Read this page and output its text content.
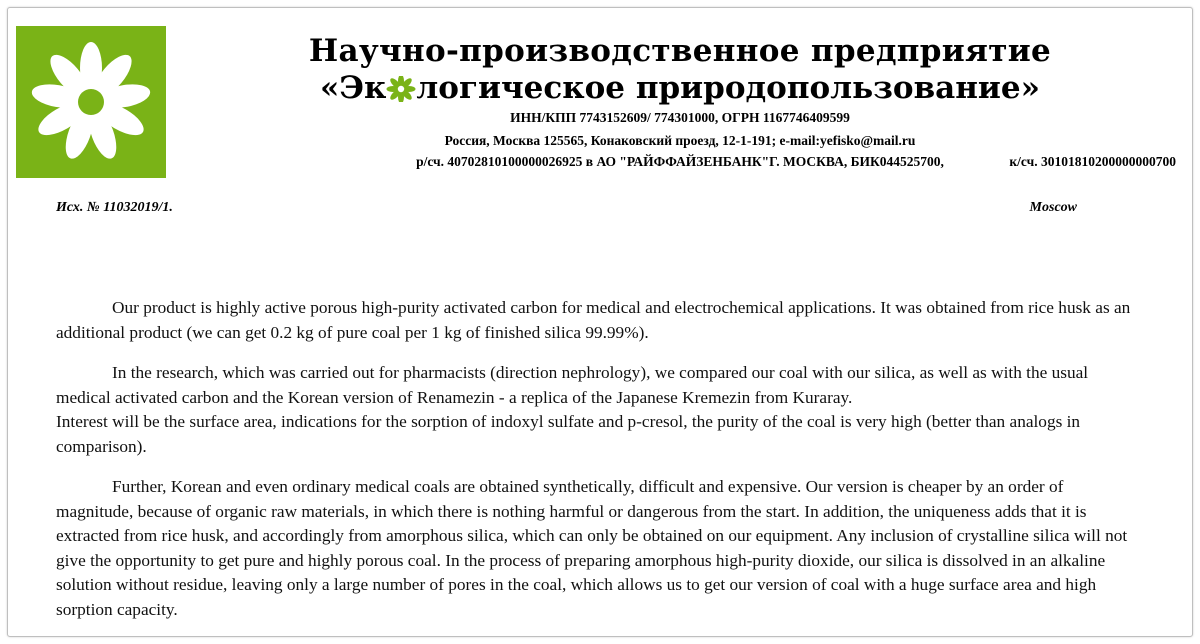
Научно-производственное предприятие
«Эк логическое природопользование»
ИНН/КПП 7743152609/ 774301000, ОГРН 1167746409599
Россия, Москва 125565, Конаковский проезд, 12-1-191; e-mail:yefisko@mail.ru
р/сч. 40702810100000026925 в АО "РАЙФФАЙЗЕНБАНК"Г. МОСКВА, БИК044525700,	к/сч. 30101810200000000700
Исх. № 11032019/1.	Moscow

Our product is highly active porous high-purity activated carbon for medical and electrochemical applications. It was obtained from rice husk as an additional product (we can get 0.2 kg of pure coal per 1 kg of finished silica 99.99%).

In the research, which was carried out for pharmacists (direction nephrology), we compared our coal with our silica, as well as with the usual medical activated carbon and the Korean version of Renamezin - a replica of the Japanese Kremezin from Kuraray.

Interest will be the surface area, indications for the sorption of indoxyl sulfate and p-cresol, the purity of the coal is very high (better than analogs in comparison).

Further, Korean and even ordinary medical coals are obtained synthetically, difficult and expensive. Our version is cheaper by an order of magnitude, because of organic raw materials, in which there is nothing harmful or dangerous from the start. In addition, the uniqueness adds that it is extracted from rice husk, and accordingly from amorphous silica, which can only be obtained on our equipment. Any inclusion of crystalline silica will not give the opportunity to get pure and highly porous coal. In the process of preparing amorphous high-purity dioxide, our silica is dissolved in an alkaline solution without residue, leaving only a large number of pores in the coal, which allows us to get our version of coal with a huge surface area and high sorption capacity.
